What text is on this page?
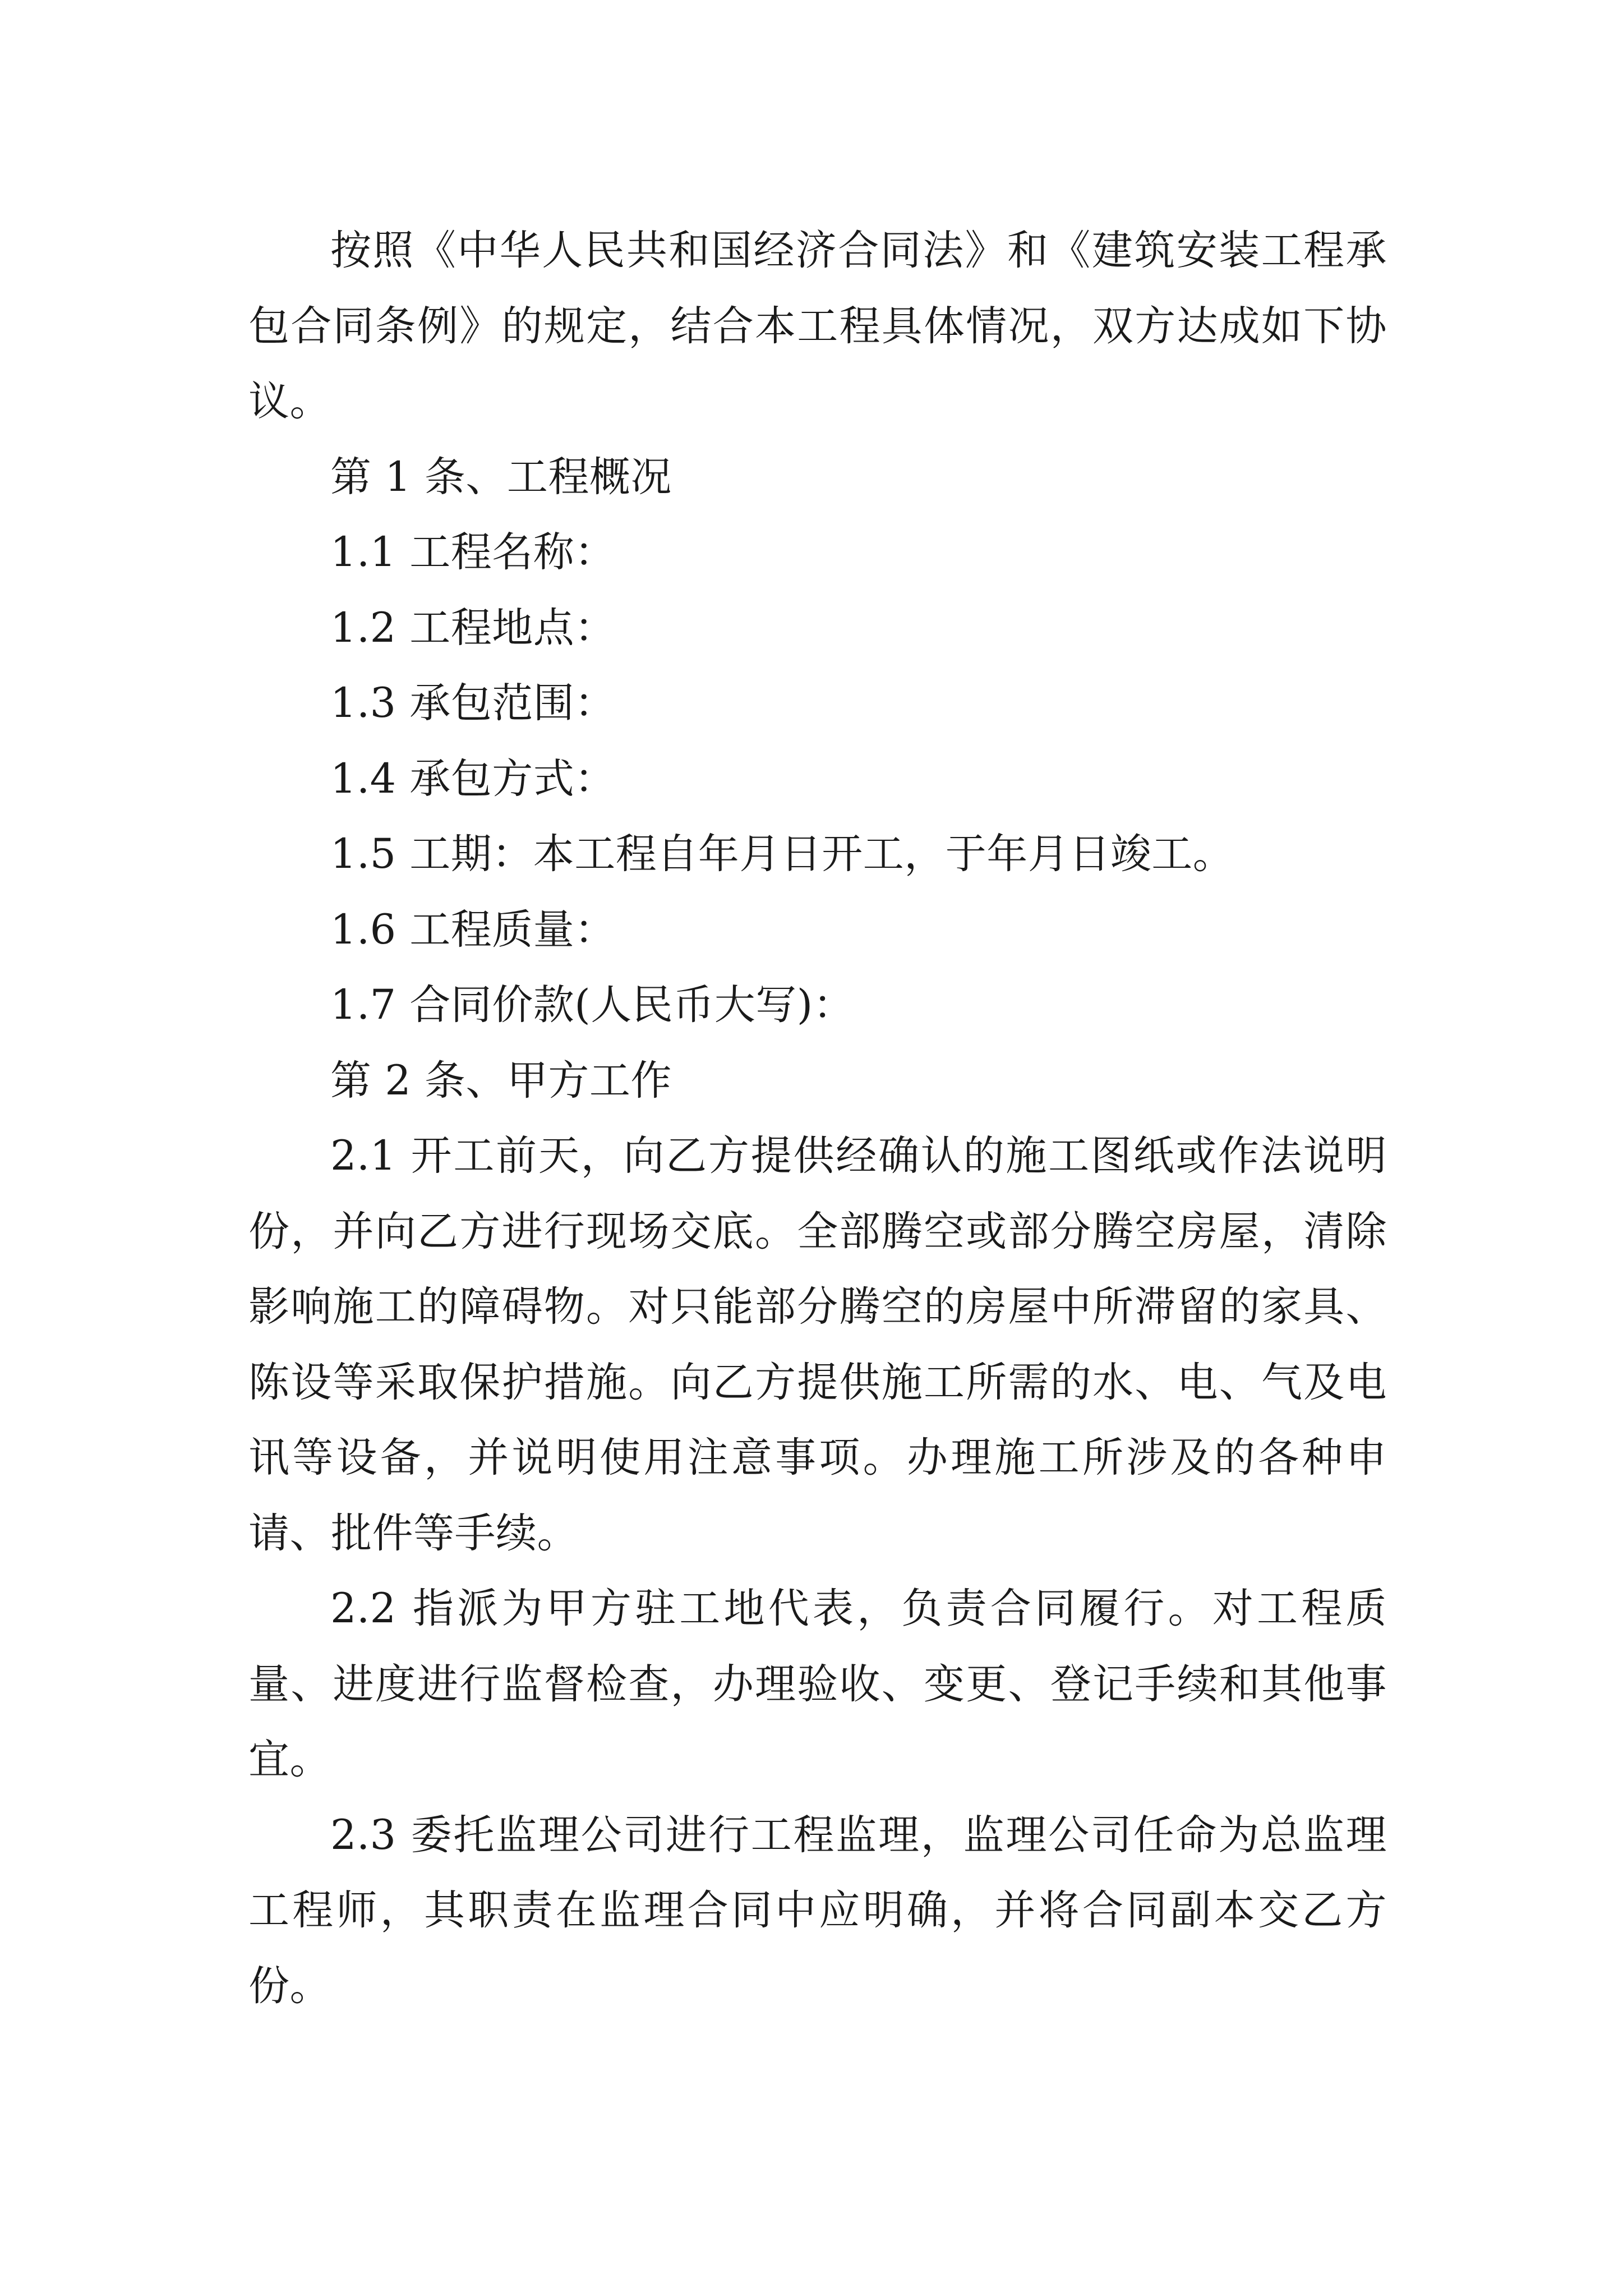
按照《中华人民共和国经济合同法》和《建筑安装工程承包合同条例》的规定，结合本工程具体情况，双方达成如下协议。

第 1 条、工程概况

1.1 工程名称：

1.2 工程地点：

1.3 承包范围：

1.4 承包方式：

1.5 工期：本工程自年月日开工，于年月日竣工。

1.6 工程质量：

1.7 合同价款(人民币大写)：

第 2 条、甲方工作

2.1 开工前天，向乙方提供经确认的施工图纸或作法说明份，并向乙方进行现场交底。全部腾空或部分腾空房屋，清除影响施工的障碍物。对只能部分腾空的房屋中所滞留的家具、陈设等采取保护措施。向乙方提供施工所需的水、电、气及电讯等设备，并说明使用注意事项。办理施工所涉及的各种申请、批件等手续。

2.2 指派为甲方驻工地代表，负责合同履行。对工程质量、进度进行监督检查，办理验收、变更、登记手续和其他事宜。

2.3 委托监理公司进行工程监理，监理公司任命为总监理工程师，其职责在监理合同中应明确，并将合同副本交乙方份。
